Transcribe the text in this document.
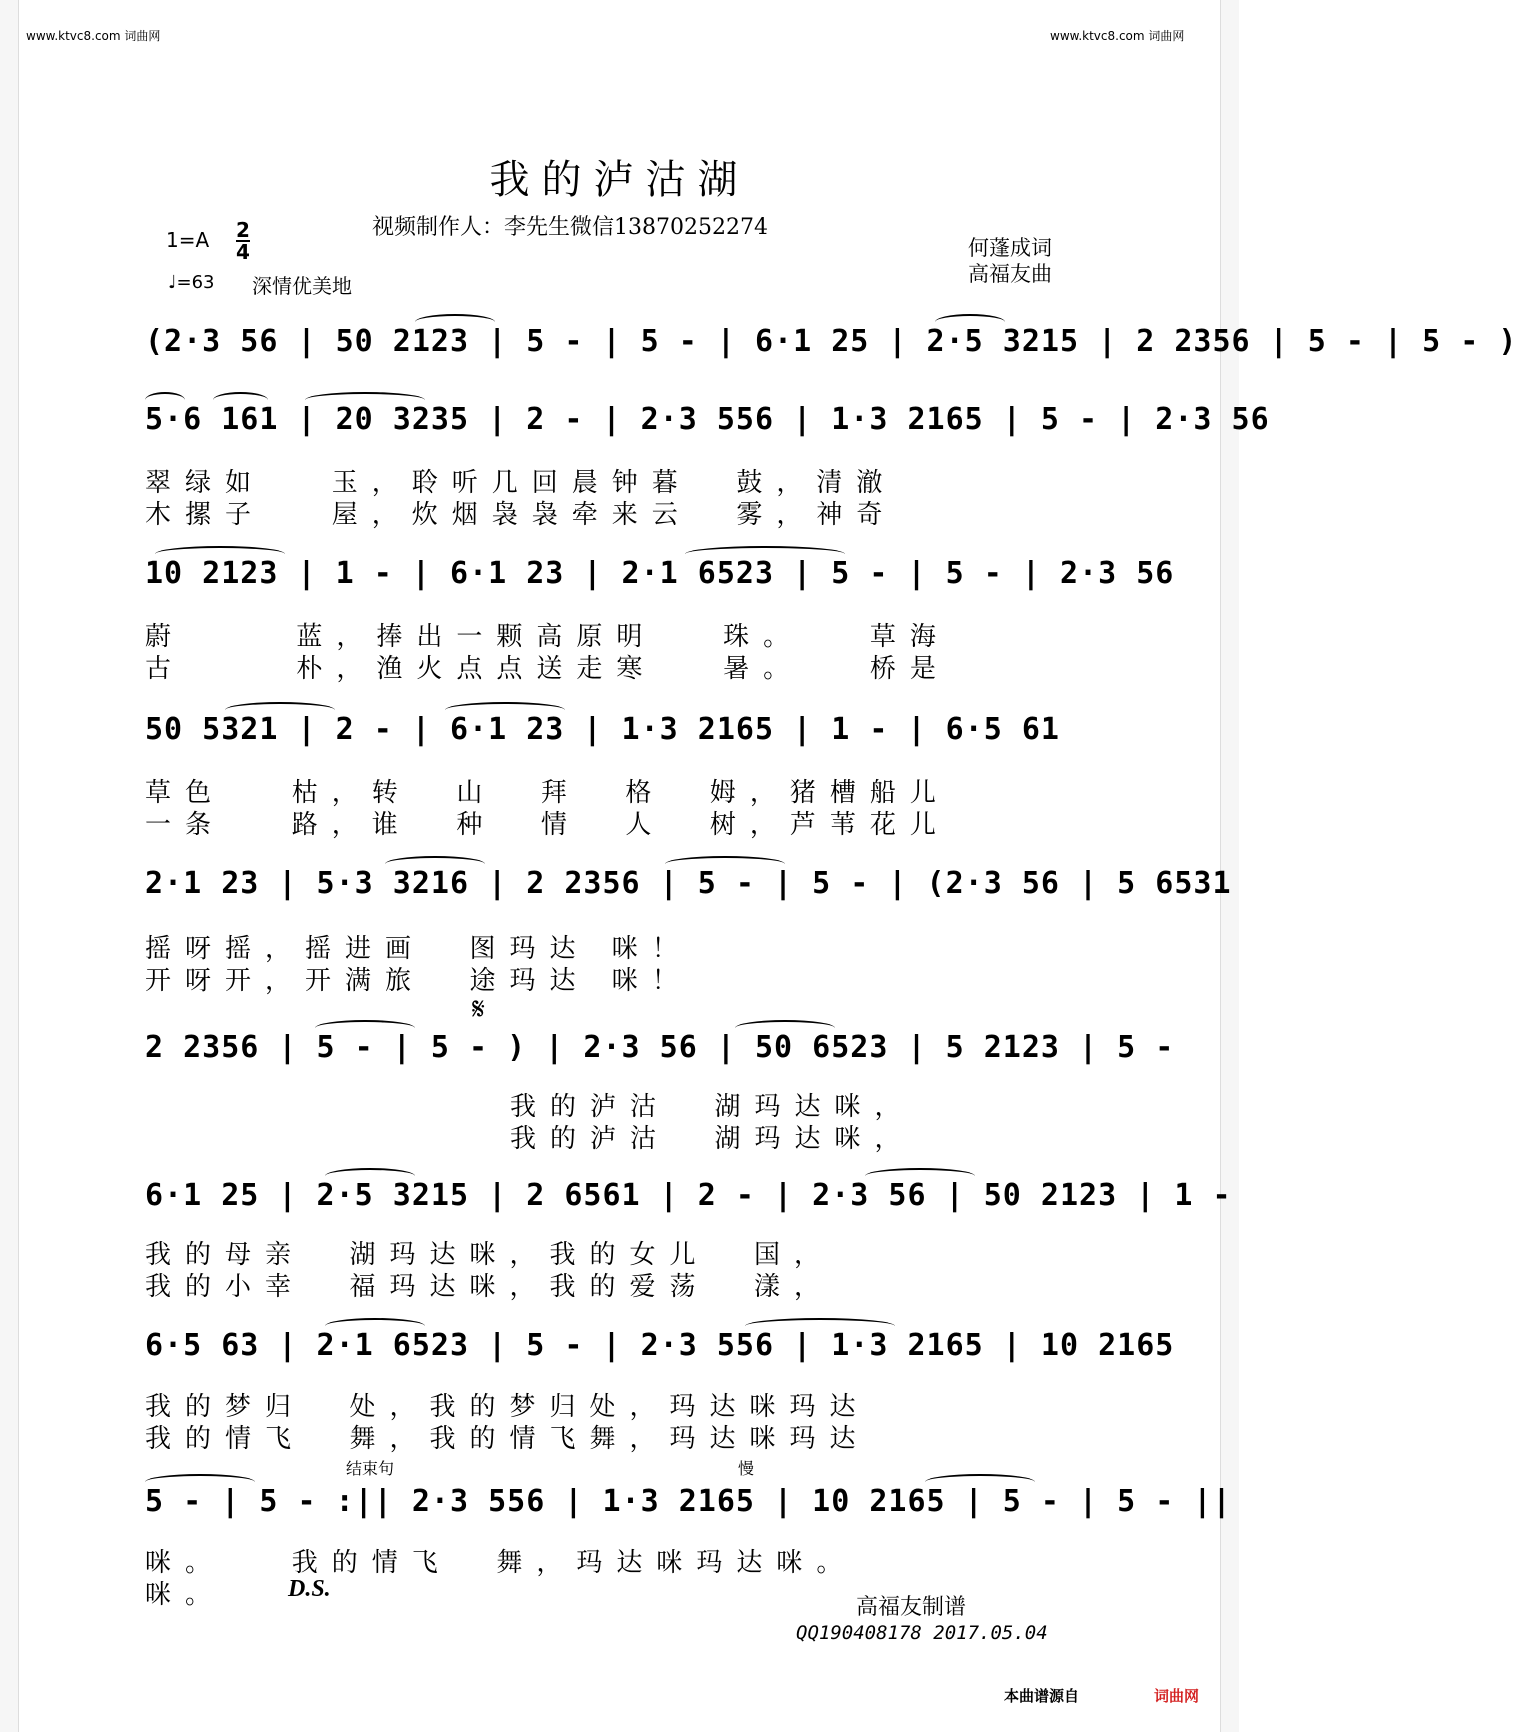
www.ktvc8.com 词曲网	www.ktvc8.com 词曲网
我的泸沽湖
视频制作人：李先生微信13870252274
何蓬成词
高福友曲
1=A 2
4
♩=63 深情优美地
(2·3 56 | 50 2123 | 5 - | 5 - | 6·1 25 | 2·5 3215 | 2 2356 | 5 - | 5 - )
5·6 161 | 20 3235 | 2 - | 2·3 556 | 1·3 2165 | 5 - | 2·3 56
翠绿如   玉，聆听几回晨钟暮  鼓，清澈
木摞子   屋，炊烟袅袅牵来云  雾，神奇
10 2123 | 1 - | 6·1 23 | 2·1 6523 | 5 - | 5 - | 2·3 56
蔚     蓝，捧出一颗高原明   珠。   草海
古     朴，渔火点点送走寒   暑。   桥是
50 5321 | 2 - | 6·1 23 | 1·3 2165 | 1 - | 6·5 61
草色   枯，转  山  拜  格  姆，猪槽船儿
一条   路，谁  种  情  人  树，芦苇花儿
2·1 23 | 5·3 3216 | 2 2356 | 5 - | 5 - | (2·3 56 | 5 6531
摇呀摇，摇进画  图玛达 咪！
开呀开，开满旅  途玛达 咪！
𝄋
2 2356 | 5 - | 5 - ) | 2·3 56 | 50 6523 | 5 2123 | 5 -
我的泸沽  湖玛达咪，
我的泸沽  湖玛达咪，
6·1 25 | 2·5 3215 | 2 6561 | 2 - | 2·3 56 | 50 2123 | 1 -
我的母亲  湖玛达咪，我的女儿  国，
我的小幸  福玛达咪，我的爱荡  漾，
6·5 63 | 2·1 6523 | 5 - | 2·3 556 | 1·3 2165 | 10 2165
我的梦归  处，我的梦归处，玛达咪玛达
我的情飞  舞，我的情飞舞，玛达咪玛达
结束句	慢
5 - | 5 - :|| 2·3 556 | 1·3 2165 | 10 2165 | 5 - | 5 - ||
咪。   我的情飞  舞，玛达咪玛达咪。
咪。	D.S.
高福友制谱
QQ190408178 2017.05.04
本曲谱源自	词曲网
